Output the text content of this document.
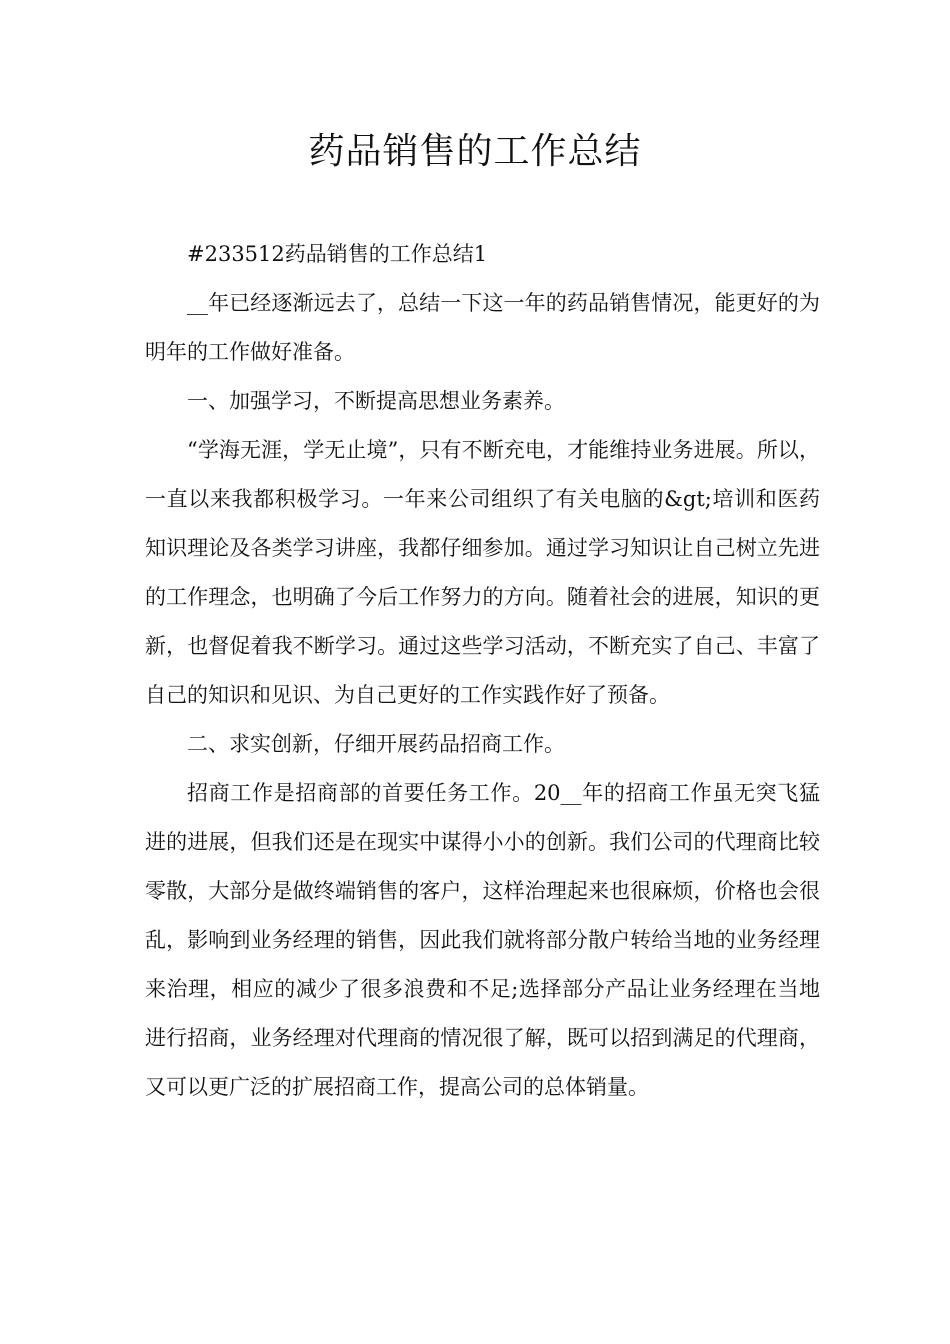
药品销售的工作总结

#233512药品销售的工作总结1

__年已经逐渐远去了，总结一下这一年的药品销售情况，能更好的为明年的工作做好准备。

一、加强学习，不断提高思想业务素养。

“学海无涯，学无止境”，只有不断充电，才能维持业务进展。所以，一直以来我都积极学习。一年来公司组织了有关电脑的&gt;培训和医药知识理论及各类学习讲座，我都仔细参加。通过学习知识让自己树立先进的工作理念，也明确了今后工作努力的方向。随着社会的进展，知识的更新，也督促着我不断学习。通过这些学习活动，不断充实了自己、丰富了自己的知识和见识、为自己更好的工作实践作好了预备。

二、求实创新，仔细开展药品招商工作。

招商工作是招商部的首要任务工作。20__年的招商工作虽无突飞猛进的进展，但我们还是在现实中谋得小小的创新。我们公司的代理商比较零散，大部分是做终端销售的客户，这样治理起来也很麻烦，价格也会很乱，影响到业务经理的销售，因此我们就将部分散户转给当地的业务经理来治理，相应的减少了很多浪费和不足;选择部分产品让业务经理在当地进行招商，业务经理对代理商的情况很了解，既可以招到满足的代理商，又可以更广泛的扩展招商工作，提高公司的总体销量。
